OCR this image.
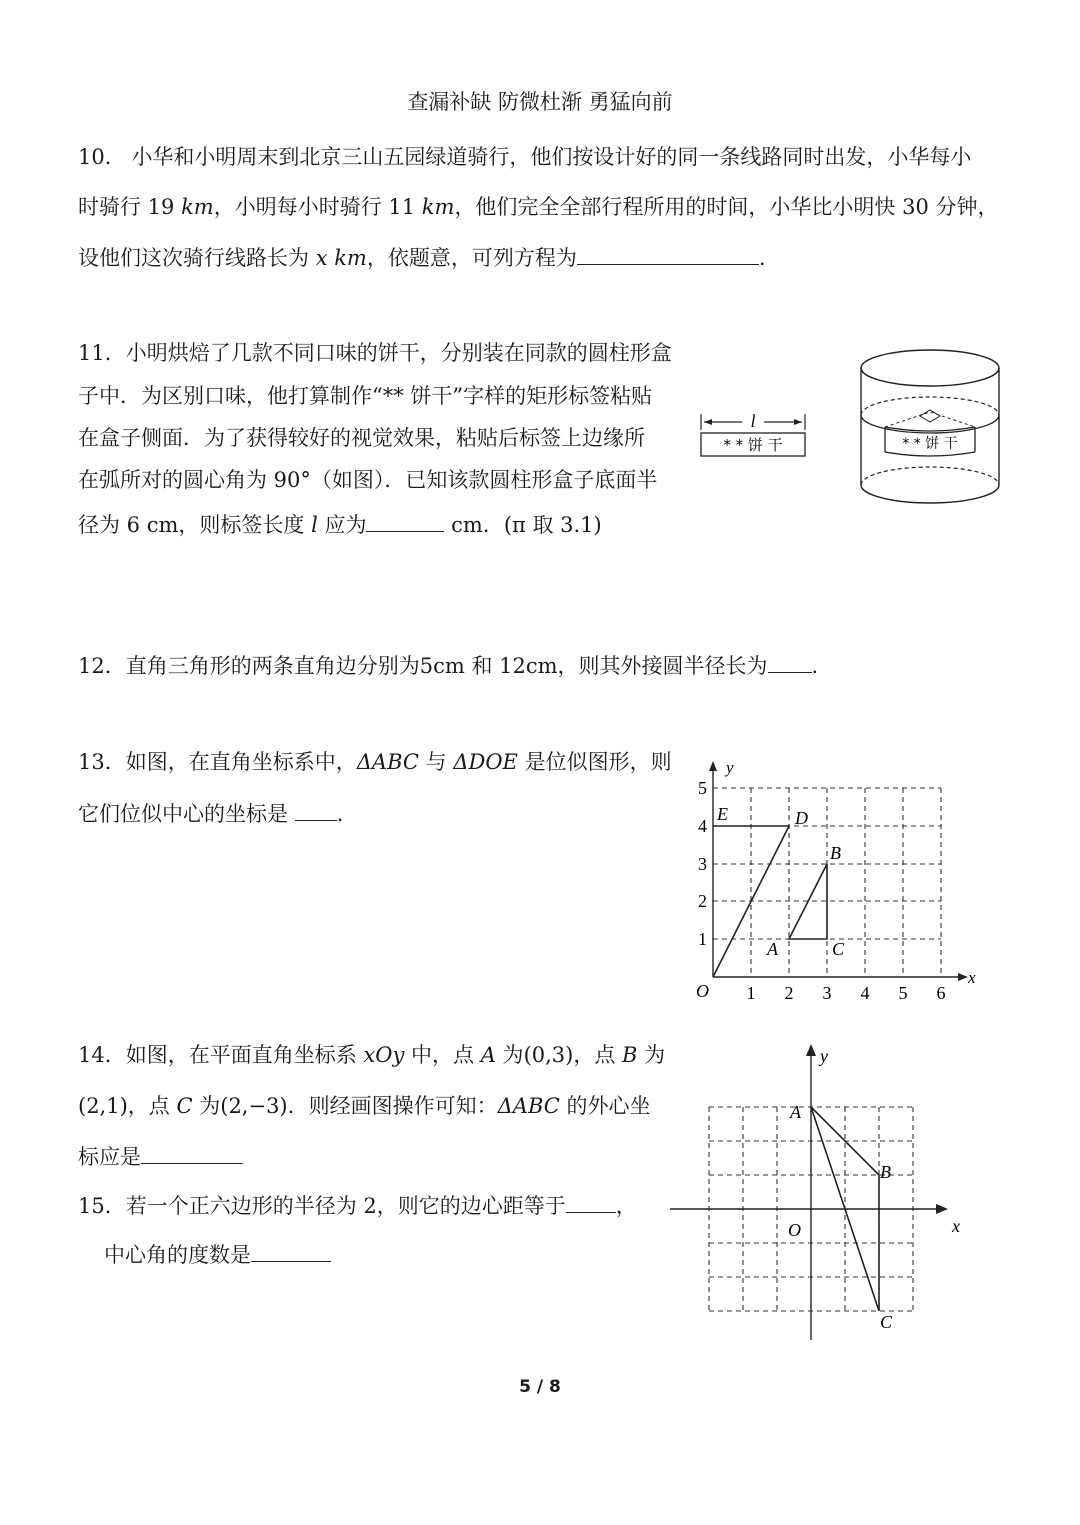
查漏补缺 防微杜渐 勇猛向前
10. 小华和小明周末到北京三山五园绿道骑行，他们按设计好的同一条线路同时出发，小华每小
时骑行 19 km，小明每小时骑行 11 km，他们完全全部行程所用的时间，小华比小明快 30 分钟，
设他们这次骑行线路长为 x km，依题意，可列方程为	.
11．小明烘焙了几款不同口味的饼干，分别装在同款的圆柱形盒
子中．为区别口味，他打算制作“** 饼干”字样的矩形标签粘贴
在盒子侧面．为了获得较好的视觉效果，粘贴后标签上边缘所
在弧所对的圆心角为 90°（如图）．已知该款圆柱形盒子底面半
径为 6 cm，则标签长度 l 应为	cm．(π 取 3.1)
l
* * 饼 干	* * 饼 干
12．直角三角形的两条直角边分别为5cm 和 12cm，则其外接圆半径长为 .
13．如图，在直角坐标系中，ΔABC 与 ΔDOE 是位似图形，则
它们位似中心的坐标是 .
y
x
O 1 2 3 4 5 6
1
2
3
4
5
E	D
B
A	C
14．如图，在平面直角坐标系 xOy 中，点 A 为(0,3)，点 B 为
(2,1)，点 C 为(2,−3)．则经画图操作可知：ΔABC 的外心坐
标应是
15．若一个正六边形的半径为 2，则它的边心距等于 ，
中心角的度数是
y
x
O
A
B
C
5 / 8
